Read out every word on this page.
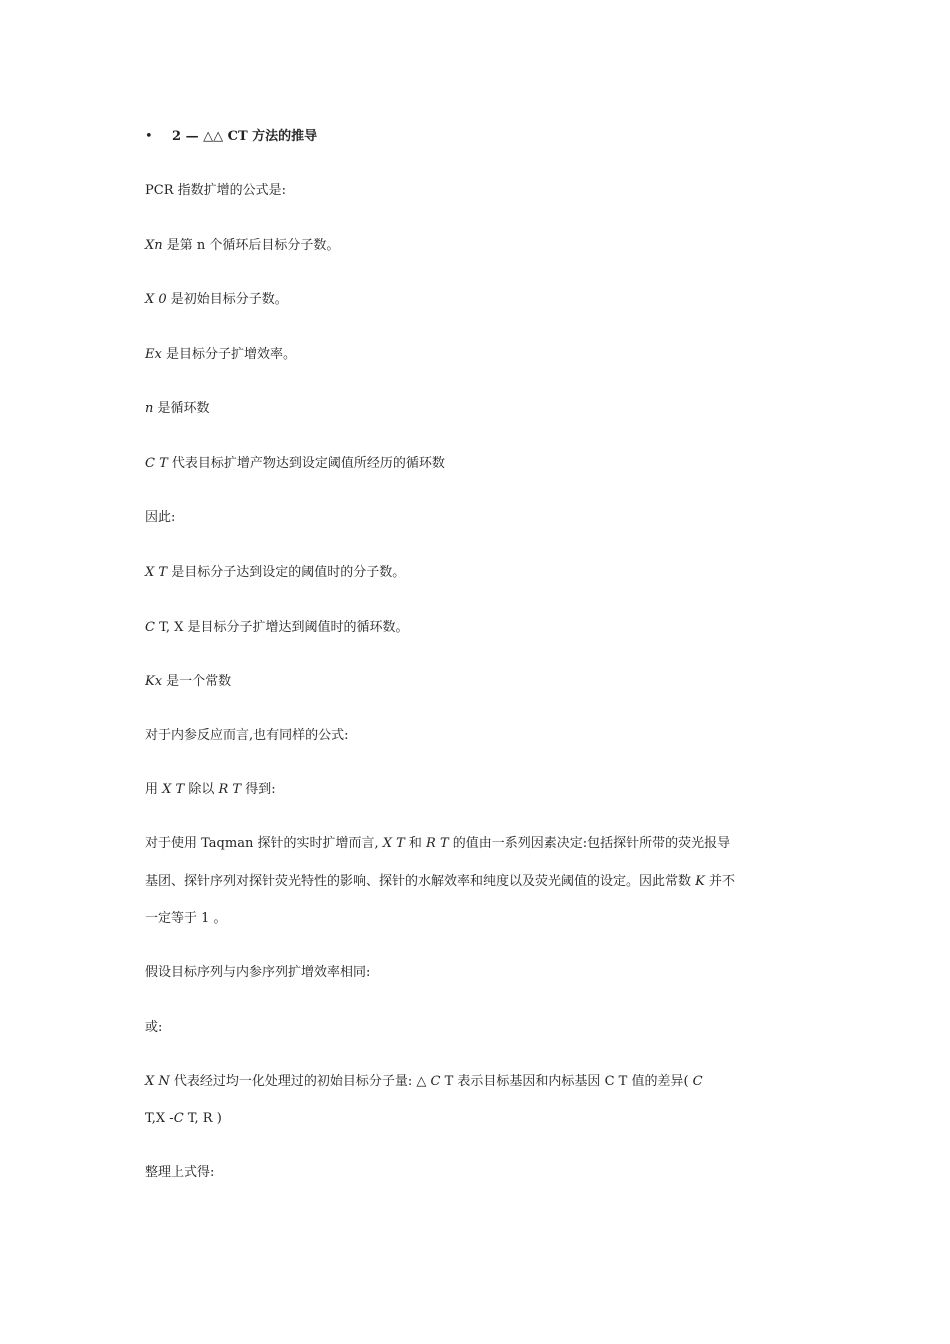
• 2 — △△ CT 方法的推导
PCR 指数扩增的公式是:
Xn 是第 n 个循环后目标分子数。
X 0 是初始目标分子数。
Ex 是目标分子扩增效率。
n 是循环数
C T 代表目标扩增产物达到设定阈值所经历的循环数
因此:
X T 是目标分子达到设定的阈值时的分子数。
C T, X 是目标分子扩增达到阈值时的循环数。
Kx 是一个常数
对于内参反应而言,也有同样的公式:
用 X T 除以 R T 得到:
对于使用 Taqman 探针的实时扩增而言, X T 和 R T 的值由一系列因素决定:包括探针所带的荧光报导
基团、探针序列对探针荧光特性的影响、探针的水解效率和纯度以及荧光阈值的设定。因此常数 K 并不
一定等于 1 。
假设目标序列与内参序列扩增效率相同:
或:
X N 代表经过均一化处理过的初始目标分子量: △ C T 表示目标基因和内标基因 C T 值的差异( C
T,X -C T, R )
整理上式得:
